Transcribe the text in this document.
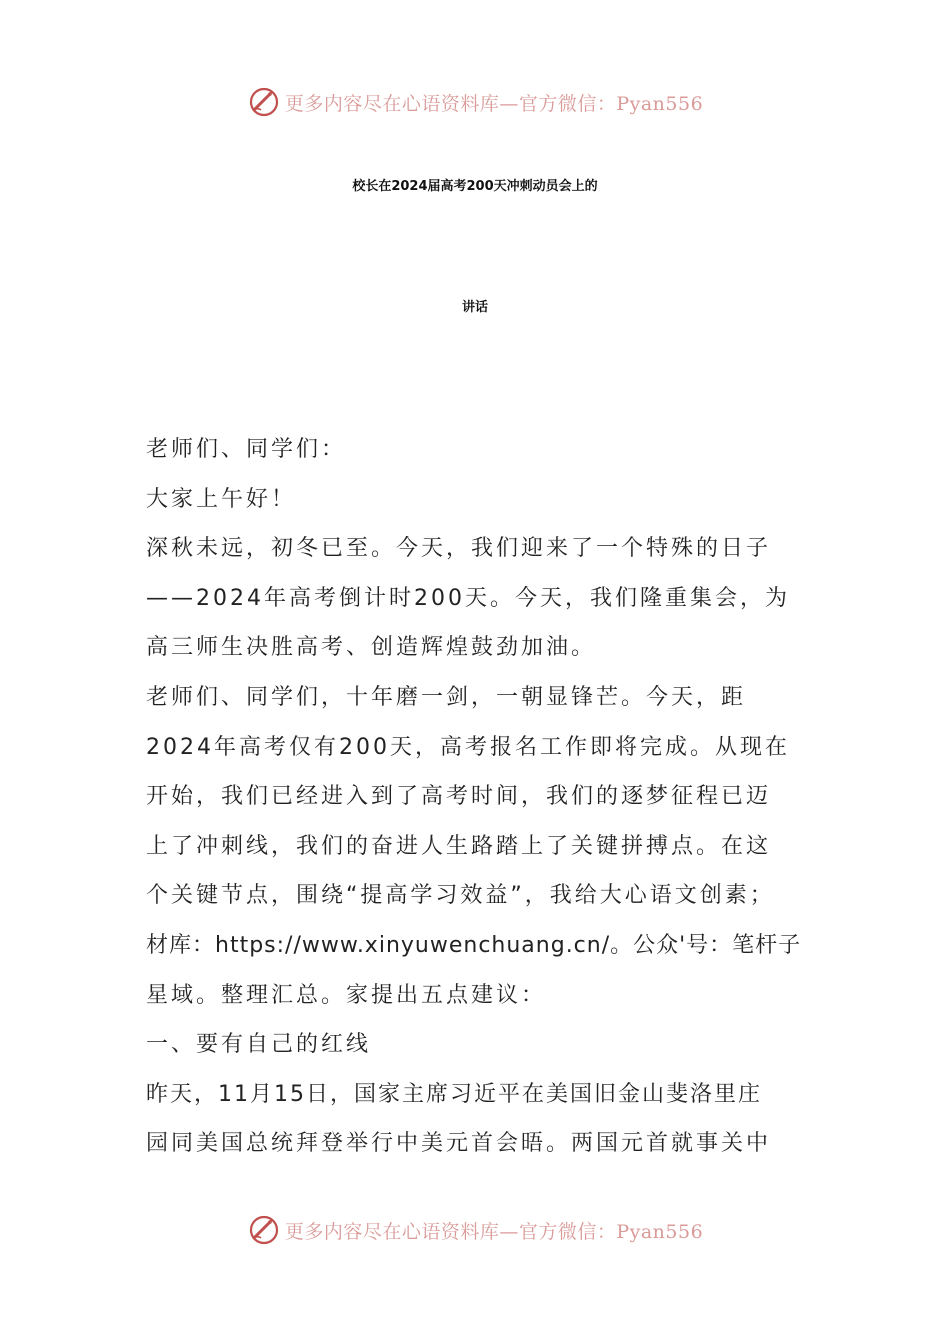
更多内容尽在心语资料库—官方微信：Pyan556
校长在2024届高考200天冲刺动员会上的
讲话
老师们、同学们：
大家上午好！
深秋未远，初冬已至。今天，我们迎来了一个特殊的日子
——2024年高考倒计时200天。今天，我们隆重集会，为
高三师生决胜高考、创造辉煌鼓劲加油。
老师们、同学们，十年磨一剑，一朝显锋芒。今天，距
2024年高考仅有200天，高考报名工作即将完成。从现在
开始，我们已经进入到了高考时间，我们的逐梦征程已迈
上了冲刺线，我们的奋进人生路踏上了关键拼搏点。在这
个关键节点，围绕“提高学习效益”，我给大心语文创素；
材库：https://www.xinyuwenchuang.cn/。公众'号：笔杆子
星域。整理汇总。家提出五点建议：
一、要有自己的红线
昨天，11月15日，国家主席习近平在美国旧金山斐洛里庄
园同美国总统拜登举行中美元首会晤。两国元首就事关中
更多内容尽在心语资料库—官方微信：Pyan556
